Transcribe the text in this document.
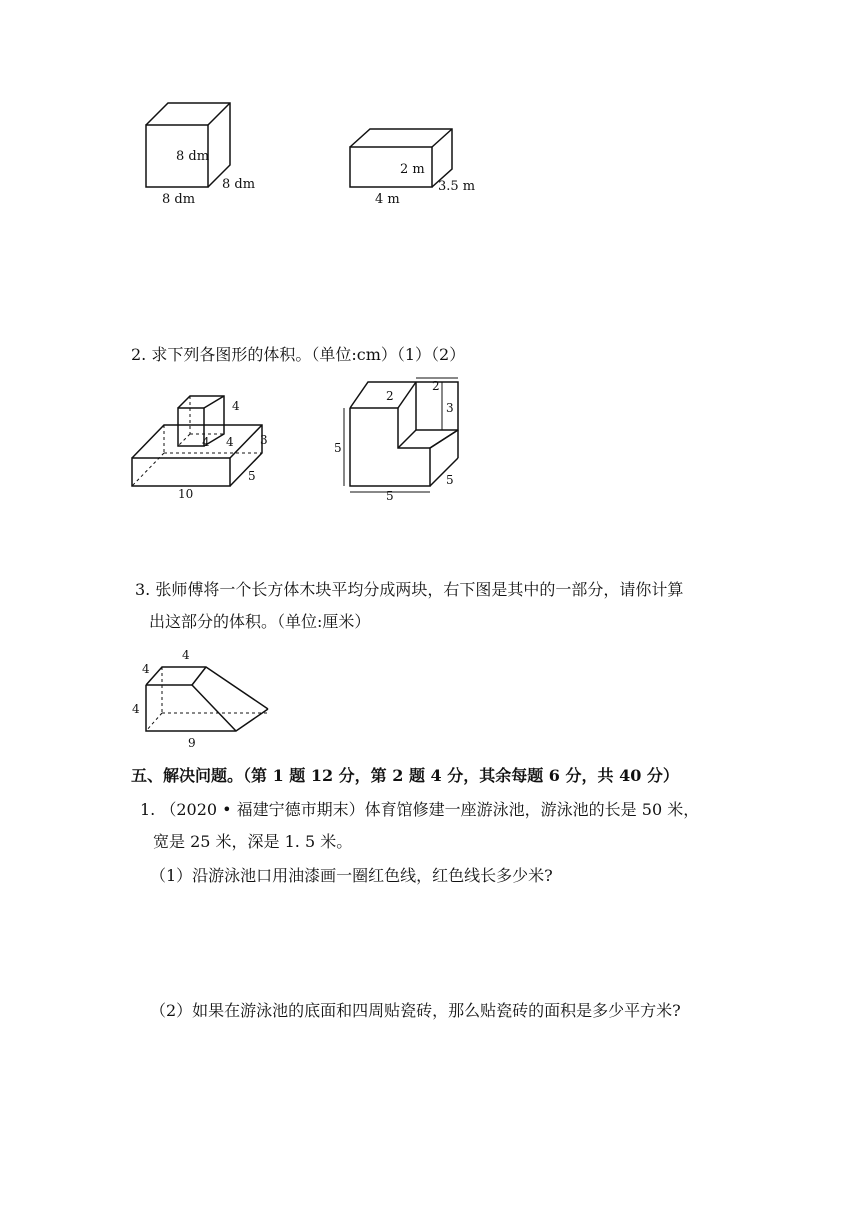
8 dm
8 dm
8 dm
2 m
3.5 m
4 m
2. 求下列各图形的体积。（单位:cm）（1）（2）
4
4 4 3
5
10
2
2
3
5
5
5
3. 张师傅将一个长方体木块平均分成两块，右下图是其中的一部分，请你计算
出这部分的体积。（单位:厘米）
4
4
4
9
五、解决问题。（第 1 题 12 分，第 2 题 4 分，其余每题 6 分，共 40 分）
1. （2020 • 福建宁德市期末）体育馆修建一座游泳池，游泳池的长是 50 米，
宽是 25 米，深是 1. 5 米。
（1）沿游泳池口用油漆画一圈红色线，红色线长多少米?
（2）如果在游泳池的底面和四周贴瓷砖，那么贴瓷砖的面积是多少平方米?
